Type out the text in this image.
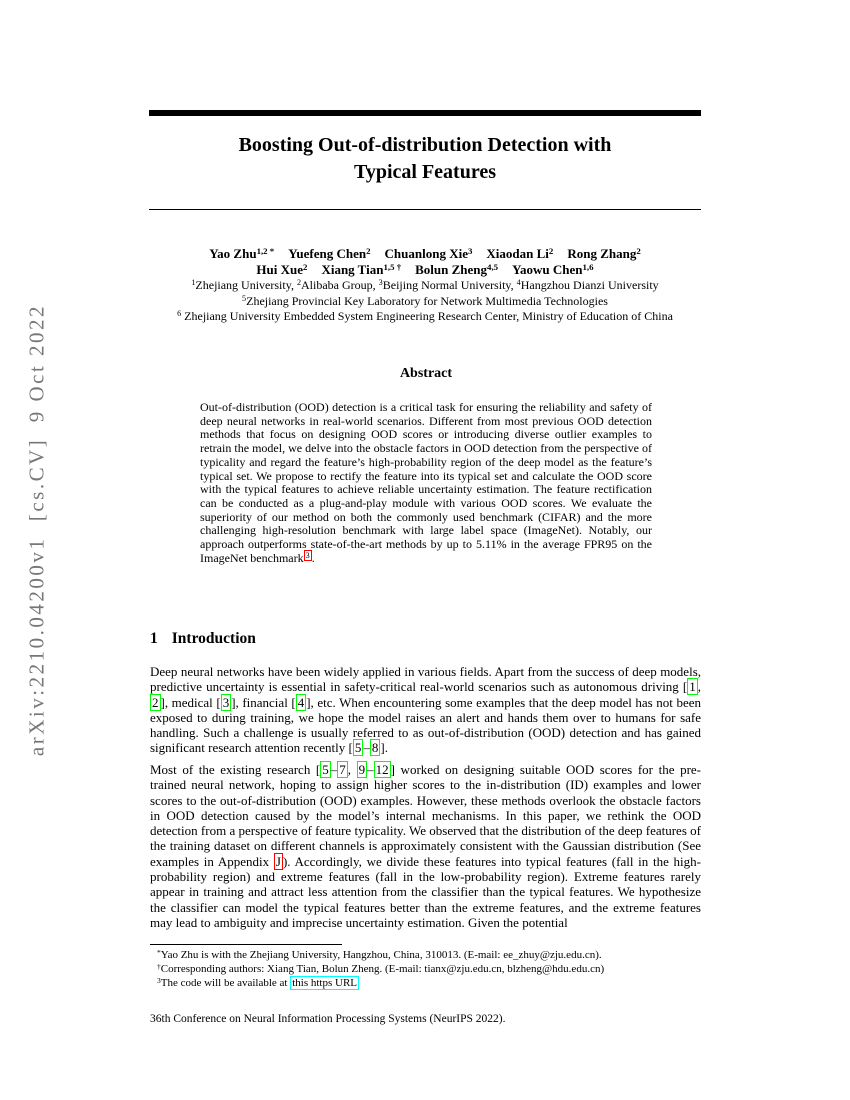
arXiv:2210.04200v1  [cs.CV]  9 Oct 2022
Boosting Out-of-distribution Detection with
Typical Features
Yao Zhu$^{1,2 *}$ Yuefeng Chen$^2$ Chuanlong Xie$^3$ Xiaodan Li$^2$ Rong Zhang$^2$
Hui Xue$^2$ Xiang Tian$^{1,5 \dagger}$ Bolun Zheng$^{4,5}$ Yaowu Chen$^{1,6}$
$^1$Zhejiang University, $^2$Alibaba Group, $^3$Beijing Normal University, $^4$Hangzhou Dianzi University
$^5$Zhejiang Provincial Key Laboratory for Network Multimedia Technologies
$^6$ Zhejiang University Embedded System Engineering Research Center, Ministry of Education of China
Abstract
Out-of-distribution (OOD) detection is a critical task for ensuring the reliability and safety of deep neural networks in real-world scenarios. Different from most previous OOD detection methods that focus on designing OOD scores or introducing diverse outlier examples to retrain the model, we delve into the obstacle factors in OOD detection from the perspective of typicality and regard the feature’s high-probability region of the deep model as the feature’s typical set. We propose to rectify the feature into its typical set and calculate the OOD score with the typical features to achieve reliable uncertainty estimation. The feature rectification can be conducted as a plug-and-play module with various OOD scores. We evaluate the superiority of our method on both the commonly used benchmark (CIFAR) and the more challenging high-resolution benchmark with large label space (ImageNet). Notably, our approach outperforms state-of-the-art methods by up to 5.11% in the average FPR95 on the ImageNet benchmark $^3$ .
1 Introduction
Deep neural networks have been widely applied in various fields. Apart from the success of deep models, predictive uncertainty is essential in safety-critical real-world scenarios such as autonomous driving [ 1 , 2 ], medical [ 3 ], financial [ 4 ], etc. When encountering some examples that the deep model has not been exposed to during training, we hope the model raises an alert and hands them over to humans for safe handling. Such a challenge is usually referred to as out-of-distribution (OOD) detection and has gained significant research attention recently [ 5 – 8 ].
Most of the existing research [ 5 – 7 , 9 – 12 ] worked on designing suitable OOD scores for the pre-trained neural network, hoping to assign higher scores to the in-distribution (ID) examples and lower scores to the out-of-distribution (OOD) examples. However, these methods overlook the obstacle factors in OOD detection caused by the model’s internal mechanisms. In this paper, we rethink the OOD detection from a perspective of feature typicality. We observed that the distribution of the deep features of the training dataset on different channels is approximately consistent with the Gaussian distribution (See examples in Appendix J ). Accordingly, we divide these features into typical features (fall in the high-probability region) and extreme features (fall in the low-probability region). Extreme features rarely appear in training and attract less attention from the classifier than the typical features. We hypothesize the classifier can model the typical features better than the extreme features, and the extreme features may lead to ambiguity and imprecise uncertainty estimation. Given the potential
*Yao Zhu is with the Zhejiang University, Hangzhou, China, 310013. (E-mail: ee_zhuy@zju.edu.cn).
†Corresponding authors: Xiang Tian, Bolun Zheng. (E-mail: tianx@zju.edu.cn, blzheng@hdu.edu.cn)
$^3$The code will be available at this https URL
36th Conference on Neural Information Processing Systems (NeurIPS 2022).
